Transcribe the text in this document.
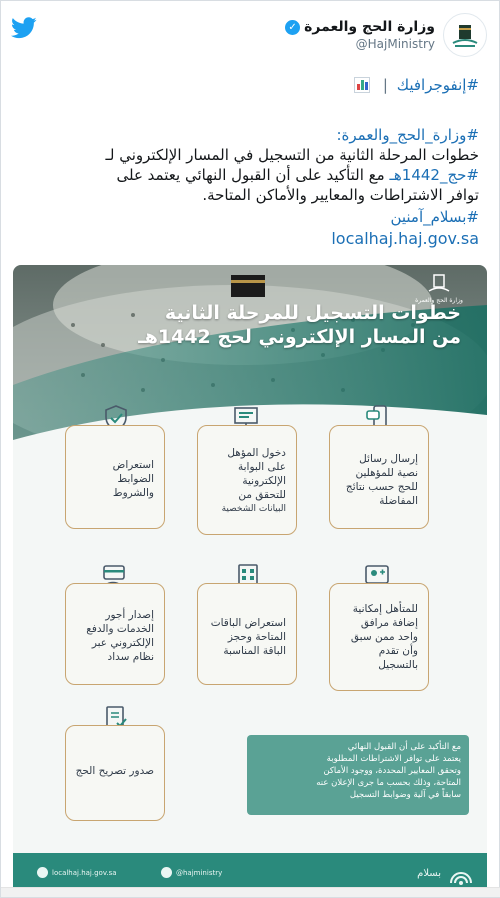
وزارة الحج والعمرة
✓
@HajMinistry
#إنفوجرافيك |
#وزارة_الحج_والعمرة:
خطوات المرحلة الثانية من التسجيل في المسار الإلكتروني لـ
#حج_1442هـ مع التأكيد على أن القبول النهائي يعتمد على
توافر الاشتراطات والمعايير والأماكن المتاحة.
#بسلام_آمنين
localhaj.haj.gov.sa
وزارة الحج والعمرة
خطوات التسجيل للمرحلة الثانية
من المسار الإلكتروني لحج 1442هـ
إرسال رسائل
نصية للمؤهلين
للحج حسب نتائج
المفاضلة
دخول المؤهل
على البوابة
الإلكترونية
للتحقق من
البيانات الشخصية
استعراض
الضوابط
والشروط
للمتأهل إمكانية
إضافة مرافق
واحد ممن سبق
وأن تقدم
بالتسجيل
استعراض الباقات
المتاحة وحجز
الباقة المناسبة
إصدار أجور
الخدمات والدفع
الإلكتروني عبر
نظام سداد
صدور تصريح الحج
مع التأكيد على أن القبول النهائي
يعتمد على توافر الاشتراطات المطلوبة
وتحقق المعايير المحددة، ووجود الأماكن
المتاحة، وذلك بحسب ما جرى الإعلان عنه
سابقاً في آلية وضوابط التسجيل
localhaj.haj.gov.sa	@hajministry	بسلام
